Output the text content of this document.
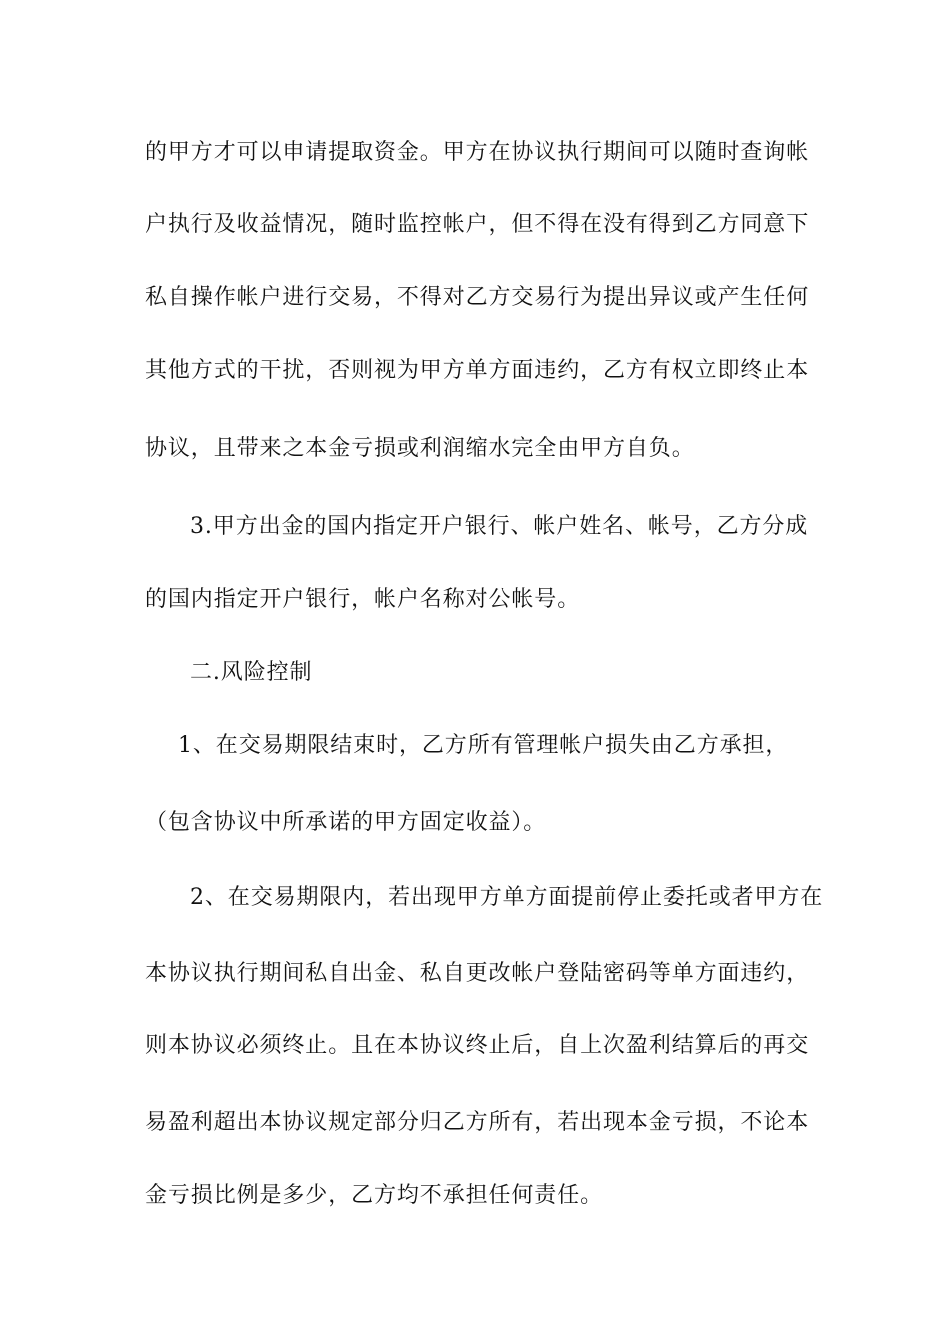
的甲方才可以申请提取资金。甲方在协议执行期间可以随时查询帐
户执行及收益情况，随时监控帐户，但不得在没有得到乙方同意下
私自操作帐户进行交易，不得对乙方交易行为提出异议或产生任何
其他方式的干扰，否则视为甲方单方面违约，乙方有权立即终止本
协议，且带来之本金亏损或利润缩水完全由甲方自负。
3.甲方出金的国内指定开户银行、帐户姓名、帐号，乙方分成
的国内指定开户银行，帐户名称对公帐号。
二.风险控制
1、在交易期限结束时，乙方所有管理帐户损失由乙方承担，
（包含协议中所承诺的甲方固定收益）。
2、在交易期限内，若出现甲方单方面提前停止委托或者甲方在
本协议执行期间私自出金、私自更改帐户登陆密码等单方面违约，
则本协议必须终止。且在本协议终止后，自上次盈利结算后的再交
易盈利超出本协议规定部分归乙方所有，若出现本金亏损，不论本
金亏损比例是多少，乙方均不承担任何责任。
